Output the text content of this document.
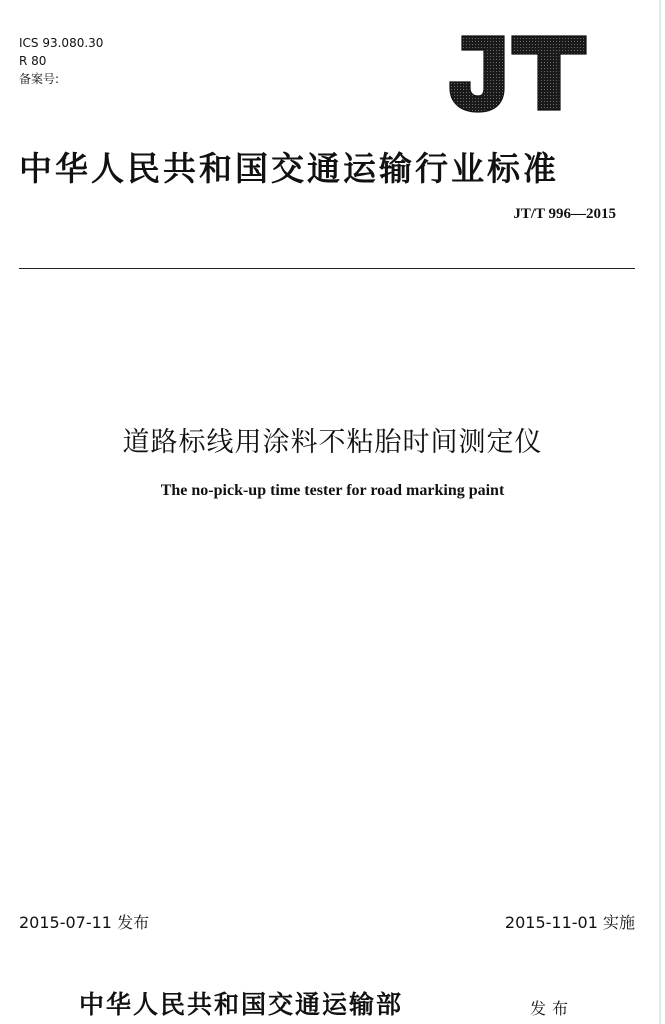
ICS 93.080.30
R 80
备案号:
中华人民共和国交通运输行业标准
JT/T 996—2015
道路标线用涂料不粘胎时间测定仪
The no-pick-up time tester for road marking paint
2015-07-11 发布	2015-11-01 实施
中华人民共和国交通运输部	发布
